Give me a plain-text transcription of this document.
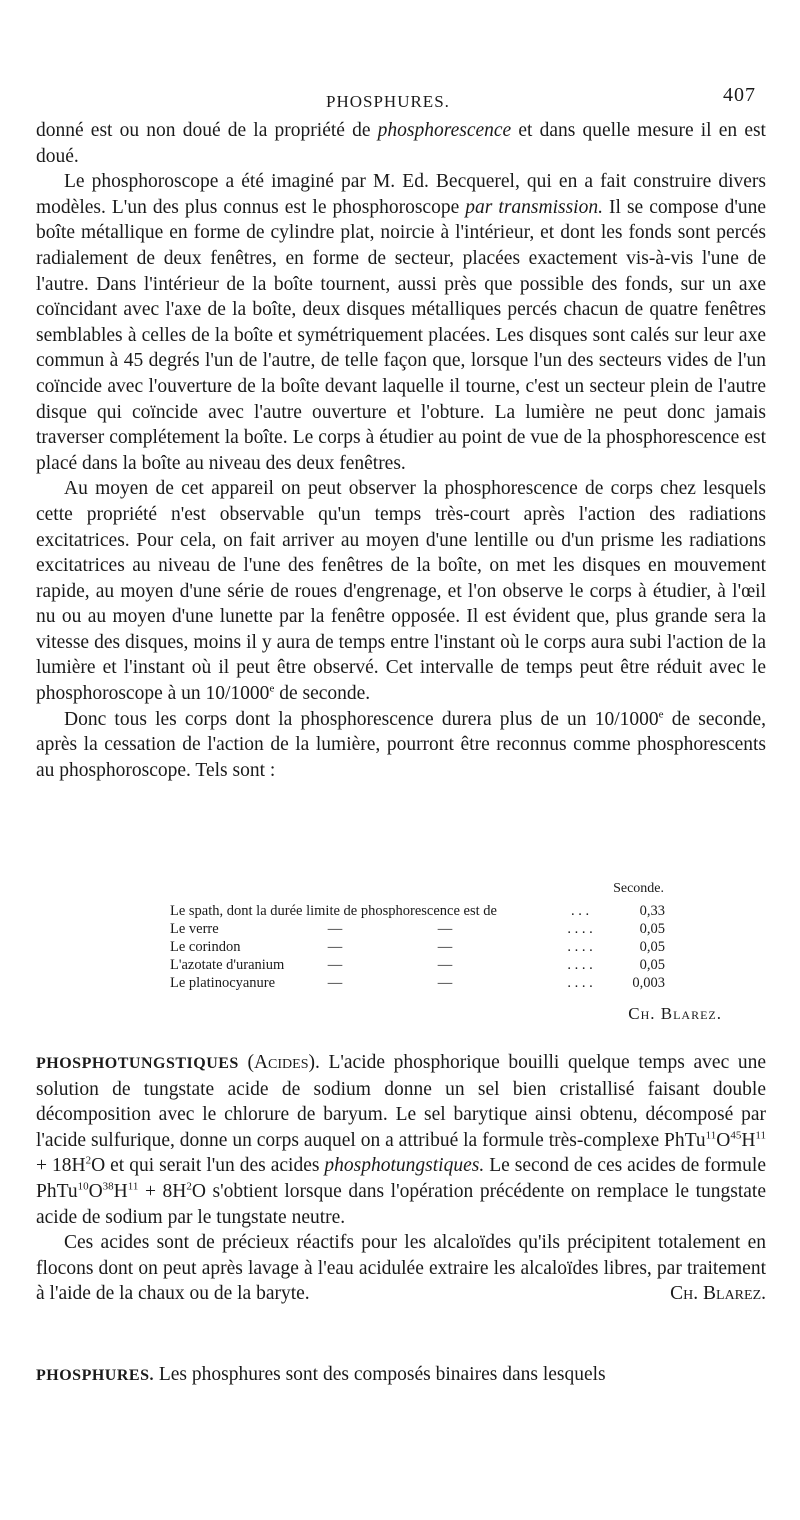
PHOSPHURES.	407

donné est ou non doué de la propriété de phosphorescence et dans quelle mesure il en est doué.

Le phosphoroscope a été imaginé par M. Ed. Becquerel, qui en a fait construire divers modèles. L'un des plus connus est le phosphoroscope par transmission. Il se compose d'une boîte métallique en forme de cylindre plat, noircie à l'intérieur, et dont les fonds sont percés radialement de deux fenêtres, en forme de secteur, placées exactement vis-à-vis l'une de l'autre. Dans l'intérieur de la boîte tournent, aussi près que possible des fonds, sur un axe coïncidant avec l'axe de la boîte, deux disques métalliques percés chacun de quatre fenêtres semblables à celles de la boîte et symétriquement placées. Les disques sont calés sur leur axe commun à 45 degrés l'un de l'autre, de telle façon que, lorsque l'un des secteurs vides de l'un coïncide avec l'ouverture de la boîte devant laquelle il tourne, c'est un secteur plein de l'autre disque qui coïncide avec l'autre ouverture et l'obture. La lumière ne peut donc jamais traverser complétement la boîte. Le corps à étudier au point de vue de la phosphorescence est placé dans la boîte au niveau des deux fenêtres.

Au moyen de cet appareil on peut observer la phosphorescence de corps chez lesquels cette propriété n'est observable qu'un temps très-court après l'action des radiations excitatrices. Pour cela, on fait arriver au moyen d'une lentille ou d'un prisme les radiations excitatrices au niveau de l'une des fenêtres de la boîte, on met les disques en mouvement rapide, au moyen d'une série de roues d'engrenage, et l'on observe le corps à étudier, à l'œil nu ou au moyen d'une lunette par la fenêtre opposée. Il est évident que, plus grande sera la vitesse des disques, moins il y aura de temps entre l'instant où le corps aura subi l'action de la lumière et l'instant où il peut être observé. Cet intervalle de temps peut être réduit avec le phosphoroscope à un 10/1000e de seconde.

Donc tous les corps dont la phosphorescence durera plus de un 10/1000e de seconde, après la cessation de l'action de la lumière, pourront être reconnus comme phosphorescents au phosphoroscope. Tels sont :

Seconde.
Le spath, dont la durée limite de phosphorescence est de	. . .	0,33
Le verre	—	—	. . . .	0,05
Le corindon	—	—	. . . .	0,05
L'azotate d'uranium	—	—	. . . .	0,05
Le platinocyanure	—	—	. . . .	0,003
Ch. Blarez.

PHOSPHOTUNGSTIQUES (Acides). L'acide phosphorique bouilli quelque temps avec une solution de tungstate acide de sodium donne un sel bien cristallisé faisant double décomposition avec le chlorure de baryum. Le sel barytique ainsi obtenu, décomposé par l'acide sulfurique, donne un corps auquel on a attribué la formule très-complexe $PhTu^{11}O^{45}H^{11} + 18H^2O$ et qui serait l'un des acides phosphotungstiques. Le second de ces acides de formule $PhTu^{10}O^{38}H^{11} + 8H^2O$ s'obtient lorsque dans l'opération précédente on remplace le tungstate acide de sodium par le tungstate neutre.

Ces acides sont de précieux réactifs pour les alcaloïdes qu'ils précipitent totalement en flocons dont on peut après lavage à l'eau acidulée extraire les alcaloïdes libres, par traitement à l'aide de la chaux ou de la baryte.	Ch. Blarez.

PHOSPHURES. Les phosphures sont des composés binaires dans lesquels
